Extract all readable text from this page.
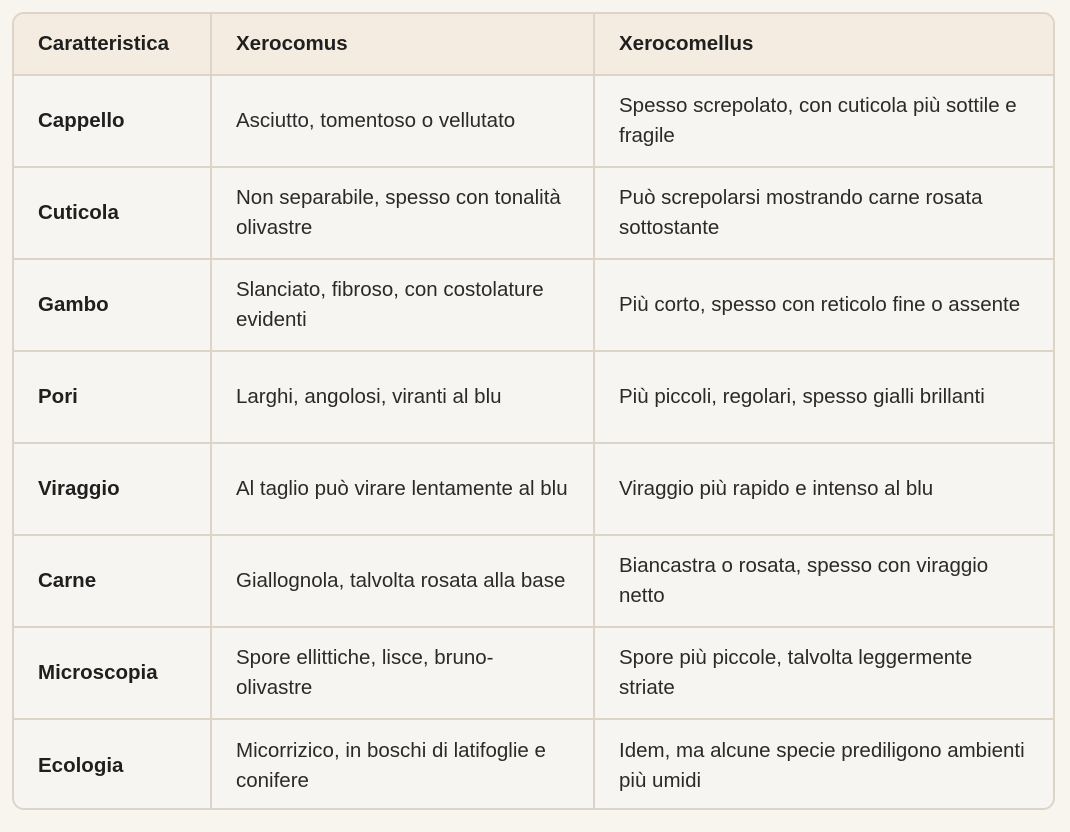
Caratteristica	Xerocomus	Xerocomellus
Cappello	Asciutto, tomentoso o vellutato	Spesso screpolato, con cuticola più sottile e fragile
Cuticola	Non separabile, spesso con tonalità olivastre	Può screpolarsi mostrando carne rosata sottostante
Gambo	Slanciato, fibroso, con costolature evidenti	Più corto, spesso con reticolo fine o assente
Pori	Larghi, angolosi, viranti al blu	Più piccoli, regolari, spesso gialli brillanti
Viraggio	Al taglio può virare lentamente al blu	Viraggio più rapido e intenso al blu
Carne	Giallognola, talvolta rosata alla base	Biancastra o rosata, spesso con viraggio netto
Microscopia	Spore ellittiche, lisce, bruno-olivastre	Spore più piccole, talvolta leggermente striate
Ecologia	Micorrizico, in boschi di latifoglie e conifere	Idem, ma alcune specie prediligono ambienti più umidi
